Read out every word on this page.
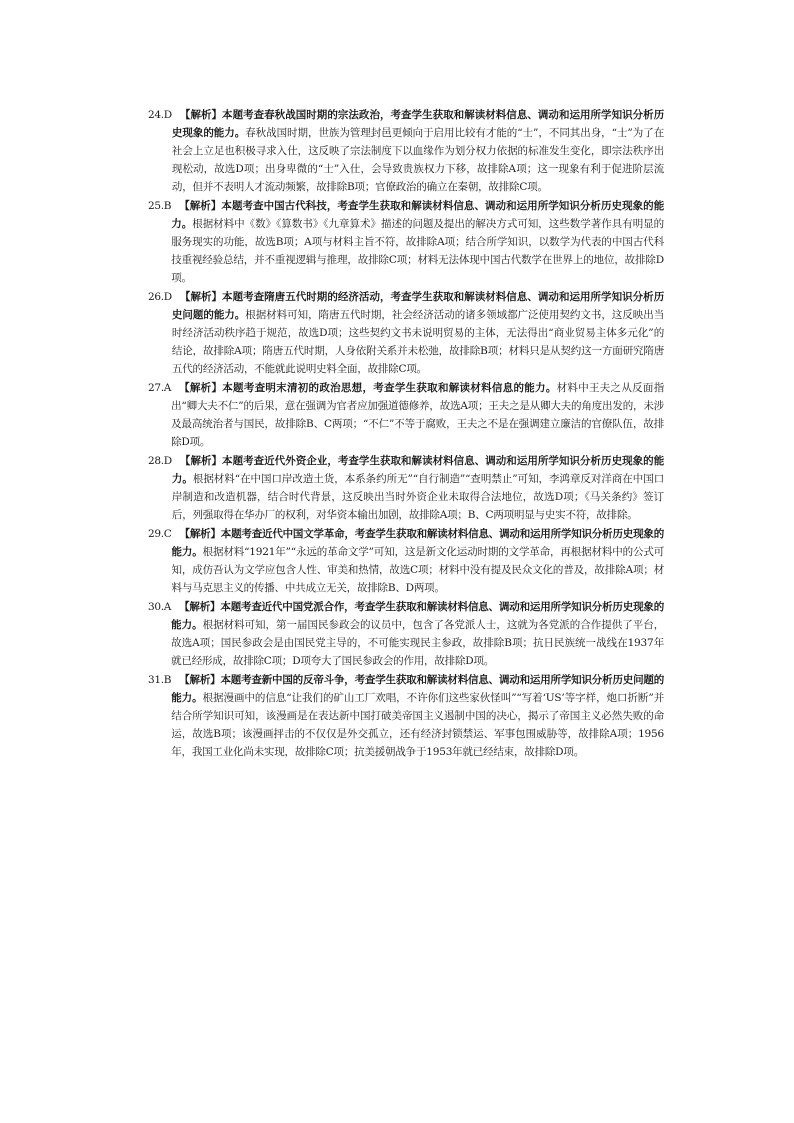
24.D 【解析】本题考查春秋战国时期的宗法政治，考查学生获取和解读材料信息、调动和运用所学知识分析历史现象的能力。春秋战国时期，世族为管理封邑更倾向于启用比较有才能的“士”，不同其出身，“士”为了在社会上立足也积极寻求入仕，这反映了宗法制度下以血缘作为划分权力依据的标准发生变化，即宗法秩序出现松动，故选D项；出身卑微的“士”入仕，会导致贵族权力下移，故排除A项；这一现象有利于促进阶层流动，但并不表明人才流动频繁，故排除B项；官僚政治的确立在秦朝，故排除C项。
25.B 【解析】本题考查中国古代科技，考查学生获取和解读材料信息、调动和运用所学知识分析历史现象的能力。根据材料中《数》《算数书》《九章算术》描述的问题及提出的解决方式可知，这些数学著作具有明显的服务现实的功能，故选B项；A项与材料主旨不符，故排除A项；结合所学知识，以数学为代表的中国古代科技重视经验总结，并不重视逻辑与推理，故排除C项；材料无法体现中国古代数学在世界上的地位，故排除D项。
26.D 【解析】本题考查隋唐五代时期的经济活动，考查学生获取和解读材料信息、调动和运用所学知识分析历史问题的能力。根据材料可知，隋唐五代时期，社会经济活动的诸多领域都广泛使用契约文书，这反映出当时经济活动秩序趋于规范，故选D项；这些契约文书未说明贸易的主体，无法得出“商业贸易主体多元化”的结论，故排除A项；隋唐五代时期，人身依附关系并未松弛，故排除B项；材料只是从契约这一方面研究隋唐五代的经济活动，不能就此说明史料全面，故排除C项。
27.A 【解析】本题考查明末清初的政治思想，考查学生获取和解读材料信息的能力。材料中王夫之从反面指出“卿大夫不仁”的后果，意在强调为官者应加强道德修养，故选A项；王夫之是从卿大夫的角度出发的，未涉及最高统治者与国民，故排除B、C两项；“不仁”不等于腐败，王夫之不是在强调建立廉洁的官僚队伍，故排除D项。
28.D 【解析】本题考查近代外资企业，考查学生获取和解读材料信息、调动和运用所学知识分析历史现象的能力。根据材料“在中国口岸改造土货，本系条约所无”“自行制造”“查明禁止”可知，李鸿章反对洋商在中国口岸制造和改造机器，结合时代背景，这反映出当时外资企业未取得合法地位，故选D项；《马关条约》签订后，列强取得在华办厂的权利，对华资本输出加剧，故排除A项；B、C两项明显与史实不符，故排除。
29.C 【解析】本题考查近代中国文学革命，考查学生获取和解读材料信息、调动和运用所学知识分析历史现象的能力。根据材料“1921年”“永远的革命文学”可知，这是新文化运动时期的文学革命，再根据材料中的公式可知，成仿吾认为文学应包含人性、审美和热情，故选C项；材料中没有提及民众文化的普及，故排除A项；材料与马克思主义的传播、中共成立无关，故排除B、D两项。
30.A 【解析】本题考查近代中国党派合作，考查学生获取和解读材料信息、调动和运用所学知识分析历史现象的能力。根据材料可知，第一届国民参政会的议员中，包含了各党派人士，这就为各党派的合作提供了平台，故选A项；国民参政会是由国民党主导的，不可能实现民主参政，故排除B项；抗日民族统一战线在1937年就已经形成，故排除C项；D项夸大了国民参政会的作用，故排除D项。
31.B 【解析】本题考查新中国的反帝斗争，考查学生获取和解读材料信息、调动和运用所学知识分析历史问题的能力。根据漫画中的信息“让我们的矿山工厂欢唱，不许你们这些家伙怪叫”“写着‘US’等字样，炮口折断”并结合所学知识可知，该漫画是在表达新中国打破美帝国主义遏制中国的决心，揭示了帝国主义必然失败的命运，故选B项；该漫画抨击的不仅仅是外交孤立，还有经济封锁禁运、军事包围威胁等，故排除A项；1956年，我国工业化尚未实现，故排除C项；抗美援朝战争于1953年就已经结束，故排除D项。
